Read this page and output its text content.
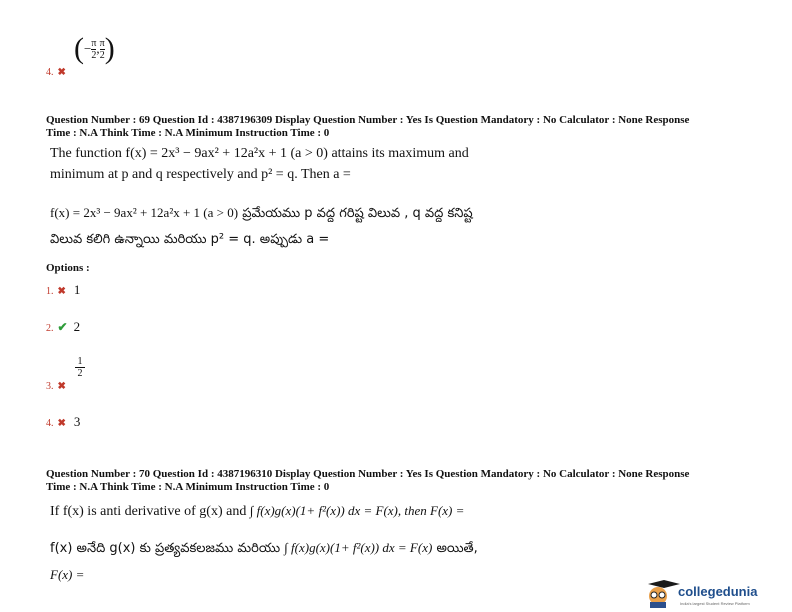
4. ✖
$(-\frac{\pi}{2},\frac{\pi}{2})$
Question Number : 69 Question Id : 4387196309 Display Question Number : Yes Is Question Mandatory : No Calculator : None Response
Time : N.A Think Time : N.A Minimum Instruction Time : 0
The function f(x) = 2x³ − 9ax² + 12a²x + 1 (a > 0) attains its maximum and
minimum at p and q respectively and p² = q. Then a =
f(x) = 2x³ − 9ax² + 12a²x + 1 (a > 0) ప్రమేయము p వద్ద గరిష్ట విలువ , q వద్ద కనిష్ట
విలువ కలిగి ఉన్నాయి మరియు p² = q. అప్పుడు a =
Options :
1. ✖ 1
2. ✔ 2
3. ✖
1
2
4. ✖ 3
Question Number : 70 Question Id : 4387196310 Display Question Number : Yes Is Question Mandatory : No Calculator : None Response
Time : N.A Think Time : N.A Minimum Instruction Time : 0
If f(x) is anti derivative of g(x) and ∫ f(x)g(x)(1+ f²(x)) dx = F(x), then F(x) =
f(x) అనేది g(x) కు ప్రత్యవకలజము మరియు ∫ f(x)g(x)(1+ f²(x)) dx = F(x) అయితే,
F(x) =
collegedunia
India's largest Student Review Platform
